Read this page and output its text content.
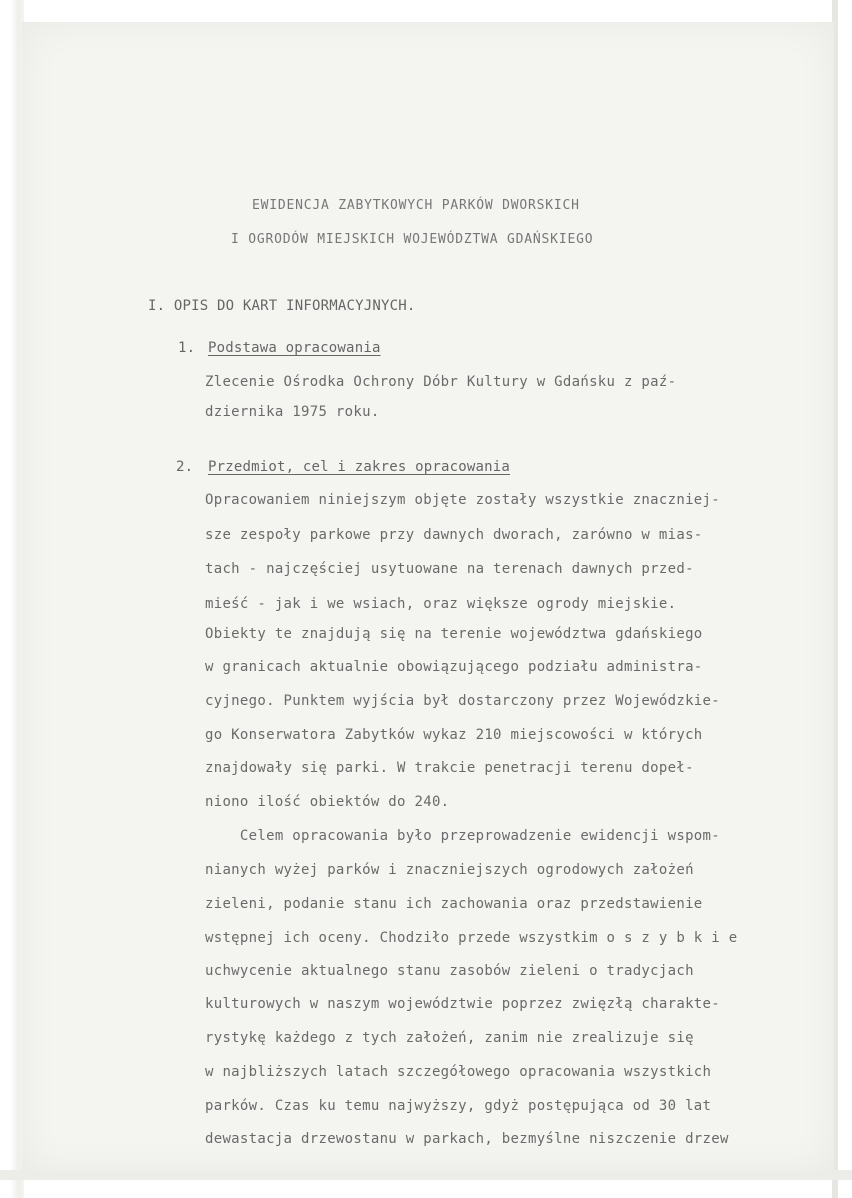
EWIDENCJA ZABYTKOWYCH PARKÓW DWORSKICH
I OGRODÓW MIEJSKICH WOJEWÓDZTWA GDAŃSKIEGO
I. OPIS DO KART INFORMACYJNYCH.
1. Podstawa opracowania
Zlecenie Ośrodka Ochrony Dóbr Kultury w Gdańsku z paź-
dziernika 1975 roku.
2. Przedmiot, cel i zakres opracowania
Opracowaniem niniejszym objęte zostały wszystkie znaczniej-
sze zespoły parkowe przy dawnych dworach, zarówno w mias-
tach - najczęściej usytuowane na terenach dawnych przed-
mieść - jak i we wsiach, oraz większe ogrody miejskie.
Obiekty te znajdują się na terenie województwa gdańskiego
w granicach aktualnie obowiązującego podziału administra-
cyjnego. Punktem wyjścia był dostarczony przez Wojewódzkie-
go Konserwatora Zabytków wykaz 210 miejscowości w których
znajdowały się parki. W trakcie penetracji terenu dopeł-
niono ilość obiektów do 240.
Celem opracowania było przeprowadzenie ewidencji wspom-
nianych wyżej parków i znaczniejszych ogrodowych założeń
zieleni, podanie stanu ich zachowania oraz przedstawienie
wstępnej ich oceny. Chodziło przede wszystkim o s z y b k i e
uchwycenie aktualnego stanu zasobów zieleni o tradycjach
kulturowych w naszym województwie poprzez zwięzłą charakte-
rystykę każdego z tych założeń, zanim nie zrealizuje się
w najbliższych latach szczegółowego opracowania wszystkich
parków. Czas ku temu najwyższy, gdyż postępująca od 30 lat
dewastacja drzewostanu w parkach, bezmyślne niszczenie drzew
